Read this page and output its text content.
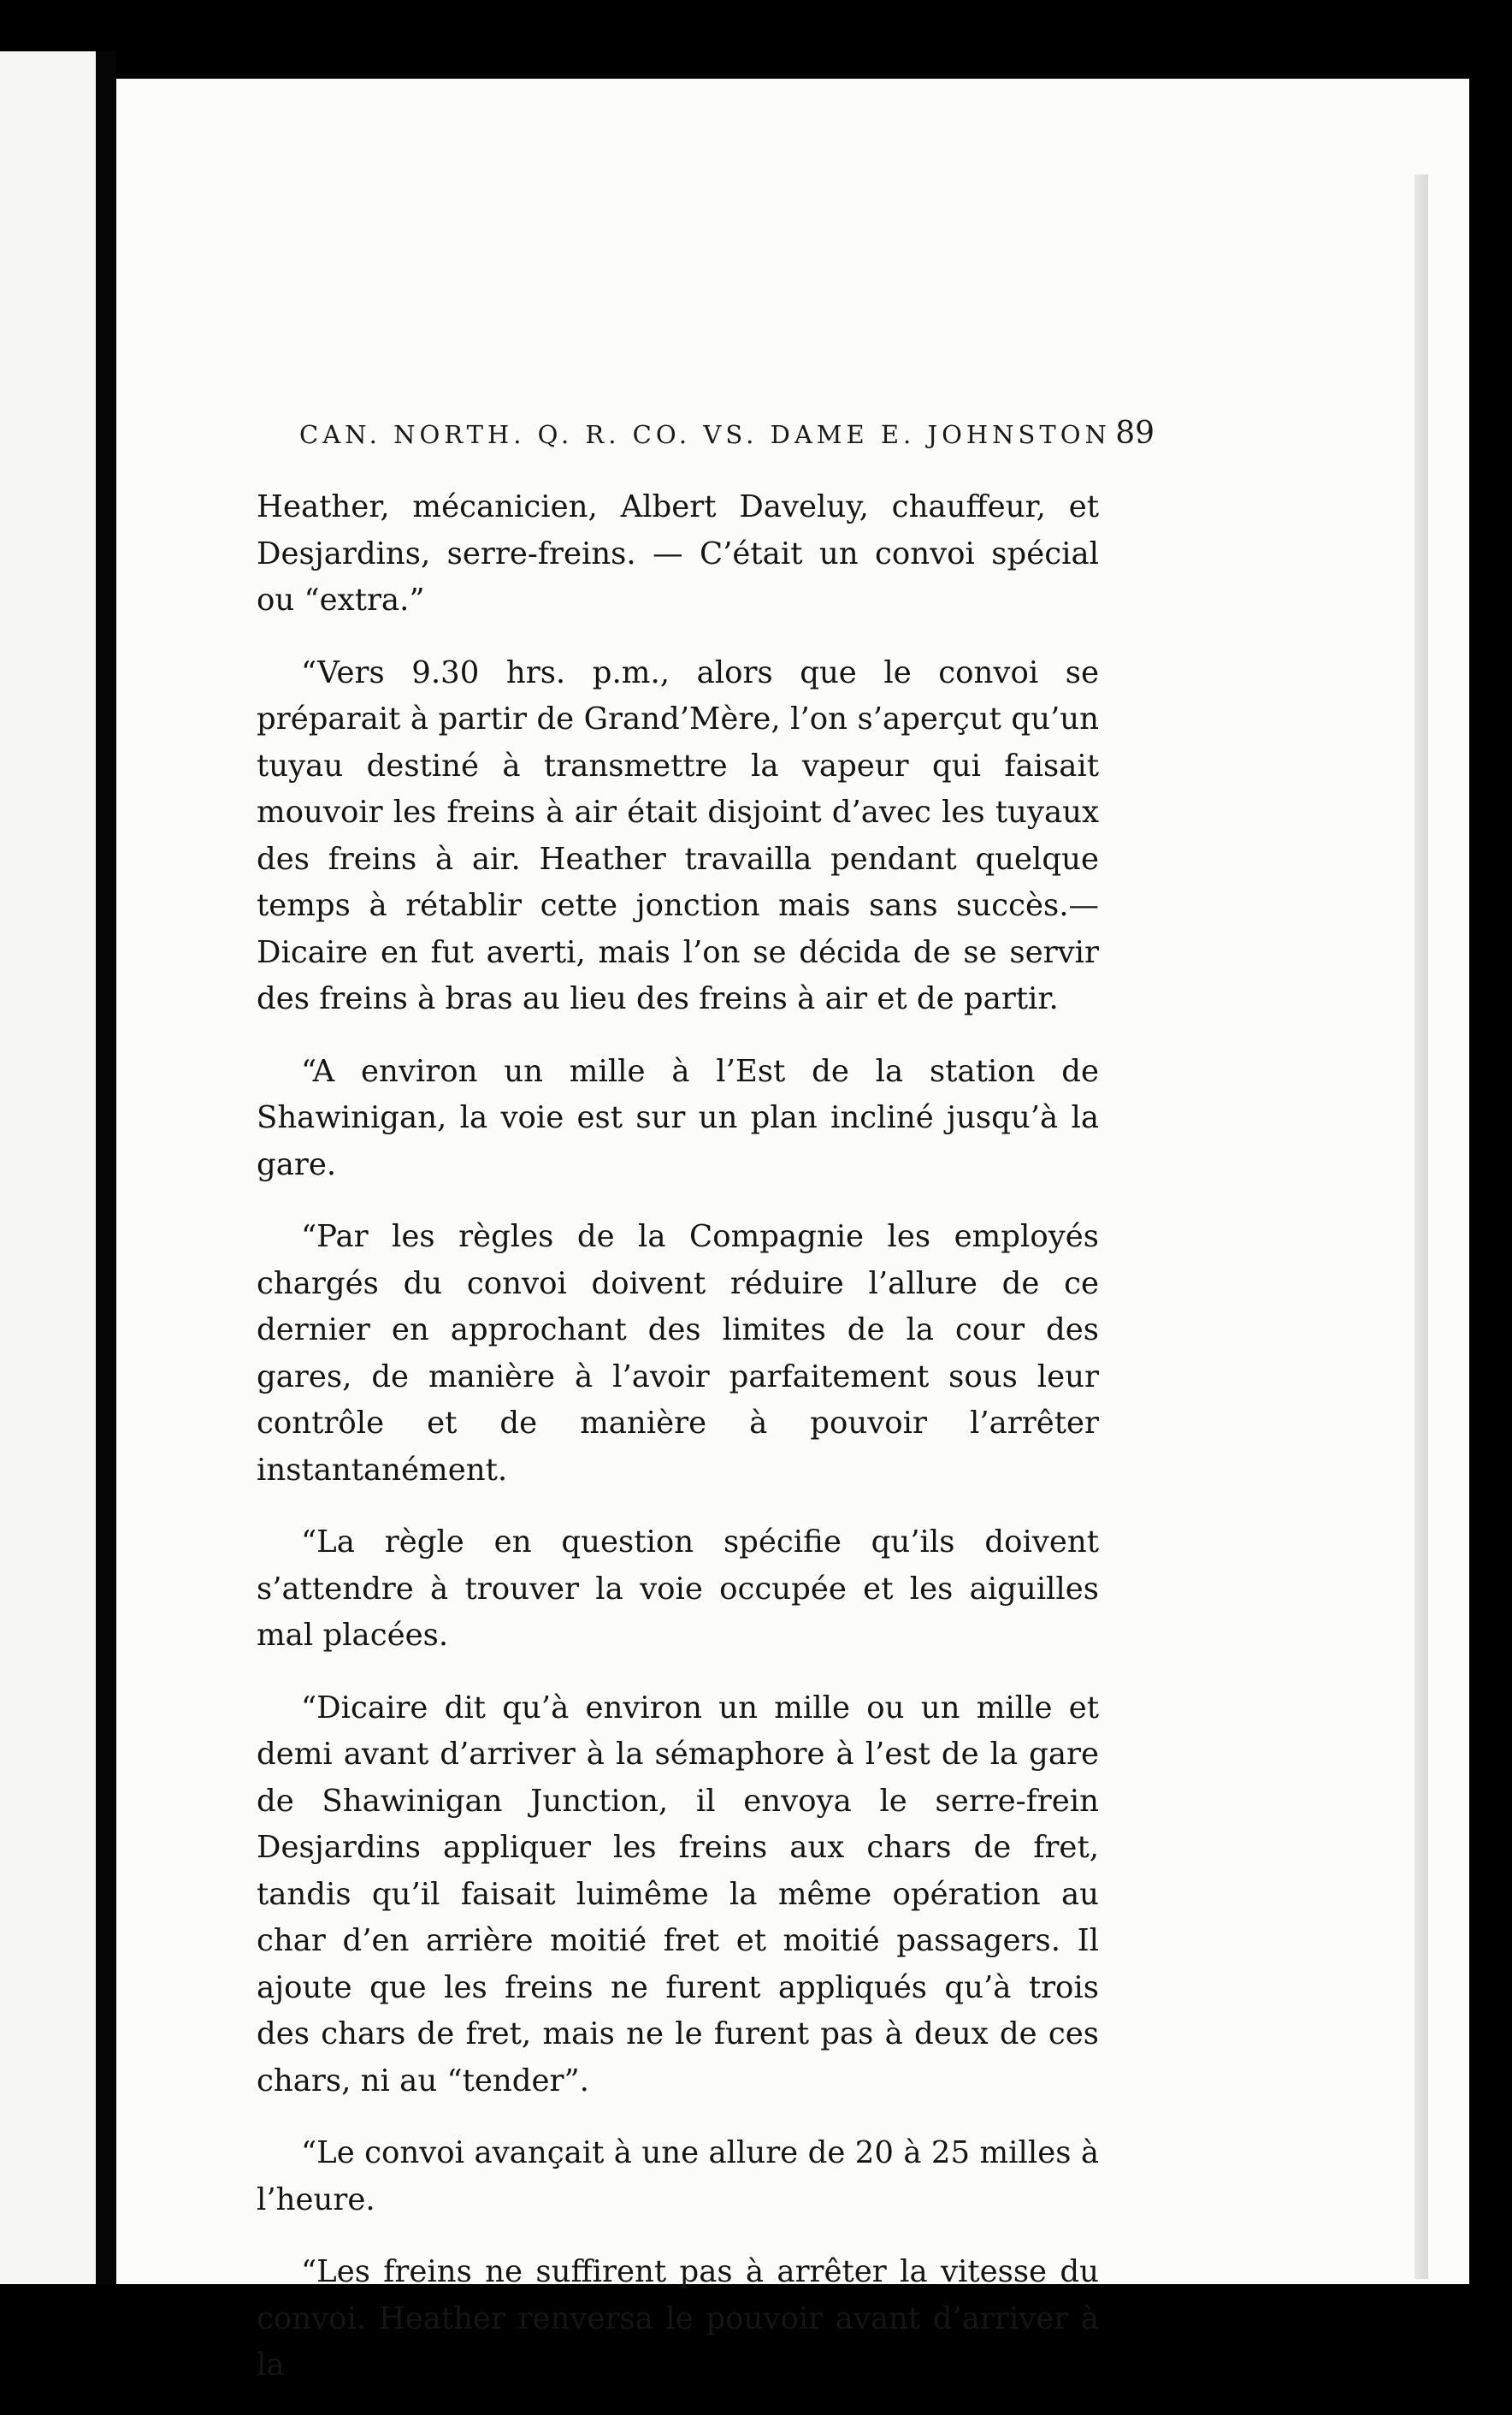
CAN. NORTH. Q. R. CO. VS. DAME E. JOHNSTON 89

Heather, mécanicien, Albert Daveluy, chauffeur, et Desjardins, serre-freins. — C’était un convoi spécial ou “extra.”

“Vers 9.30 hrs. p.m., alors que le convoi se préparait à partir de Grand’Mère, l’on s’aperçut qu’un tuyau destiné à transmettre la vapeur qui faisait mouvoir les freins à air était disjoint d’avec les tuyaux des freins à air. Heather travailla pendant quelque temps à rétablir cette jonction mais sans succès.—Dicaire en fut averti, mais l’on se décida de se servir des freins à bras au lieu des freins à air et de partir.

“A environ un mille à l’Est de la station de Shawinigan, la voie est sur un plan incliné jusqu’à la gare.

“Par les règles de la Compagnie les employés chargés du convoi doivent réduire l’allure de ce dernier en approchant des limites de la cour des gares, de manière à l’avoir parfaitement sous leur contrôle et de manière à pouvoir l’arrêter instantanément.

“La règle en question spécifie qu’ils doivent s’attendre à trouver la voie occupée et les aiguilles mal placées.

“Dicaire dit qu’à environ un mille ou un mille et demi avant d’arriver à la sémaphore à l’est de la gare de Shawinigan Junction, il envoya le serre-frein Desjardins appliquer les freins aux chars de fret, tandis qu’il faisait luimême la même opération au char d’en arrière moitié fret et moitié passagers. Il ajoute que les freins ne furent appliqués qu’à trois des chars de fret, mais ne le furent pas à deux de ces chars, ni au “tender”.

“Le convoi avançait à une allure de 20 à 25 milles à l’heure.

“Les freins ne suffirent pas à arrêter la vitesse du convoi. Heather renversa le pouvoir avant d’arriver à la
